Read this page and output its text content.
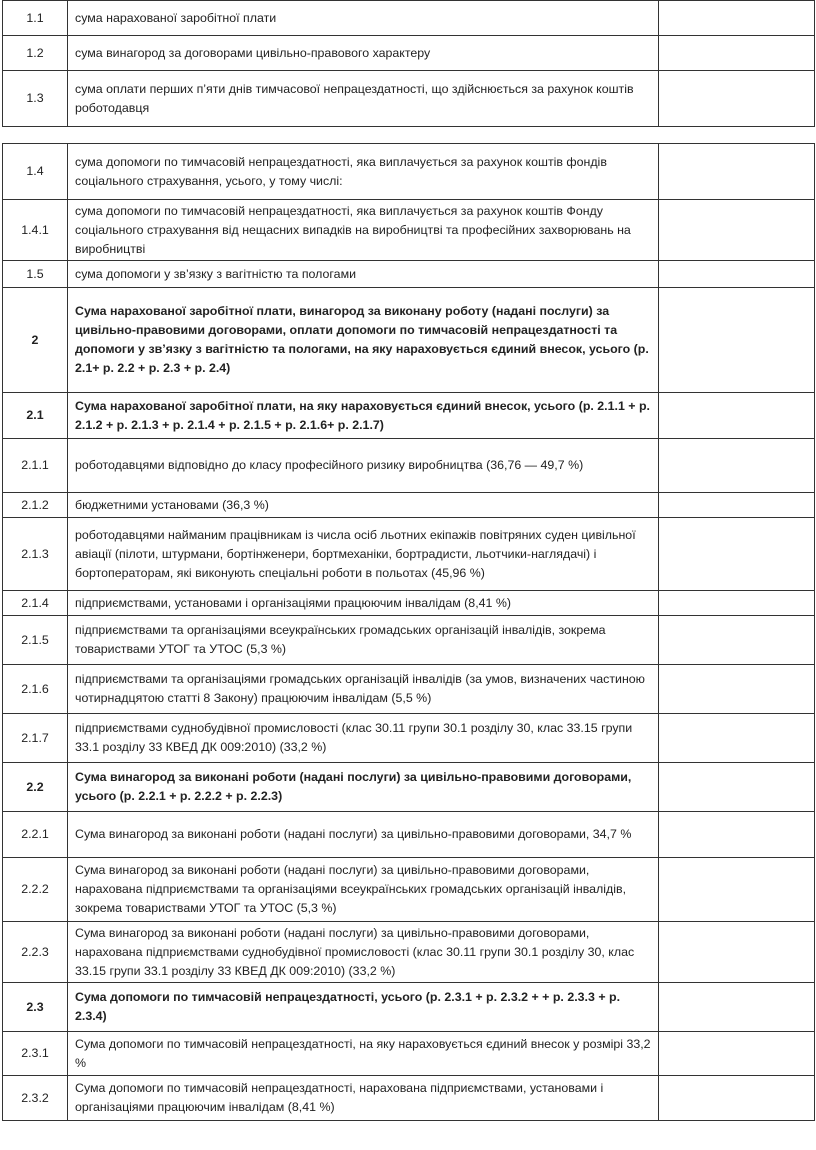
1.1	сума нарахованої заробітної плати	
1.2	сума винагород за договорами цивільно-правового характеру	
1.3	сума оплати перших п’яти днів тимчасової непрацездатності, що здійснюється за рахунок коштів роботодавця	
1.4	сума допомоги по тимчасовій непрацездатності, яка виплачується за рахунок коштів фондів соціального страхування, усього, у тому числі:	
1.4.1	сума допомоги по тимчасовій непрацездатності, яка виплачується за рахунок коштів Фонду соціального страхування від нещасних випадків на виробництві та професійних захворювань на виробництві	
1.5	сума допомоги у зв’язку з вагітністю та пологами	
2	Сума нарахованої заробітної плати, винагород за виконану роботу (надані послуги) за цивільно-правовими договорами, оплати допомоги по тимчасовій непрацездатності та допомоги у зв’язку з вагітністю та пологами, на яку нараховується єдиний внесок, усього (р. 2.1+ р. 2.2 + р. 2.3 + р. 2.4)	
2.1	Сума нарахованої заробітної плати, на яку нараховується єдиний внесок, усього (р. 2.1.1 + р. 2.1.2 + р. 2.1.3 + р. 2.1.4 + р. 2.1.5 + р. 2.1.6+ р. 2.1.7)	
2.1.1	роботодавцями відповідно до класу професійного ризику виробництва (36,76 — 49,7 %)	
2.1.2	бюджетними установами (36,3 %)	
2.1.3	роботодавцями найманим працівникам із числа осіб льотних екіпажів повітряних суден цивільної авіації (пілоти, штурмани, бортінженери, бортмеханіки, бортрадисти, льотчики-наглядачі) і бортоператорам, які виконують спеціальні роботи в польотах (45,96 %)	
2.1.4	підприємствами, установами і організаціями працюючим інвалідам (8,41 %)	
2.1.5	підприємствами та організаціями всеукраїнських громадських організацій інвалідів, зокрема товариствами УТОГ та УТОС (5,3 %)	
2.1.6	підприємствами та організаціями громадських організацій інвалідів (за умов, визначених частиною чотирнадцятою статті 8 Закону) працюючим інвалідам (5,5 %)	
2.1.7	підприємствами суднобудівної промисловості (клас 30.11 групи 30.1 розділу 30, клас 33.15 групи 33.1 розділу 33 КВЕД ДК 009:2010) (33,2 %)	
2.2	Сума винагород за виконані роботи (надані послуги) за цивільно-правовими договорами, усього (р. 2.2.1 + р. 2.2.2 + р. 2.2.3)	
2.2.1	Сума винагород за виконані роботи (надані послуги) за цивільно-правовими договорами, 34,7 %	
2.2.2	Сума винагород за виконані роботи (надані послуги) за цивільно-правовими договорами, нарахована підприємствами та організаціями всеукраїнських громадських організацій інвалідів, зокрема товариствами УТОГ та УТОС (5,3 %)	
2.2.3	Сума винагород за виконані роботи (надані послуги) за цивільно-правовими договорами, нарахована підприємствами суднобудівної промисловості (клас 30.11 групи 30.1 розділу 30, клас 33.15 групи 33.1 розділу 33 КВЕД ДК 009:2010) (33,2 %)	
2.3	Сума допомоги по тимчасовій непрацездатності, усього (р. 2.3.1 + р. 2.3.2 + + р. 2.3.3 + р. 2.3.4)	
2.3.1	Сума допомоги по тимчасовій непрацездатності, на яку нараховується єдиний внесок у розмірі 33,2 %	
2.3.2	Сума допомоги по тимчасовій непрацездатності, нарахована підприємствами, установами і організаціями працюючим інвалідам (8,41 %)	
